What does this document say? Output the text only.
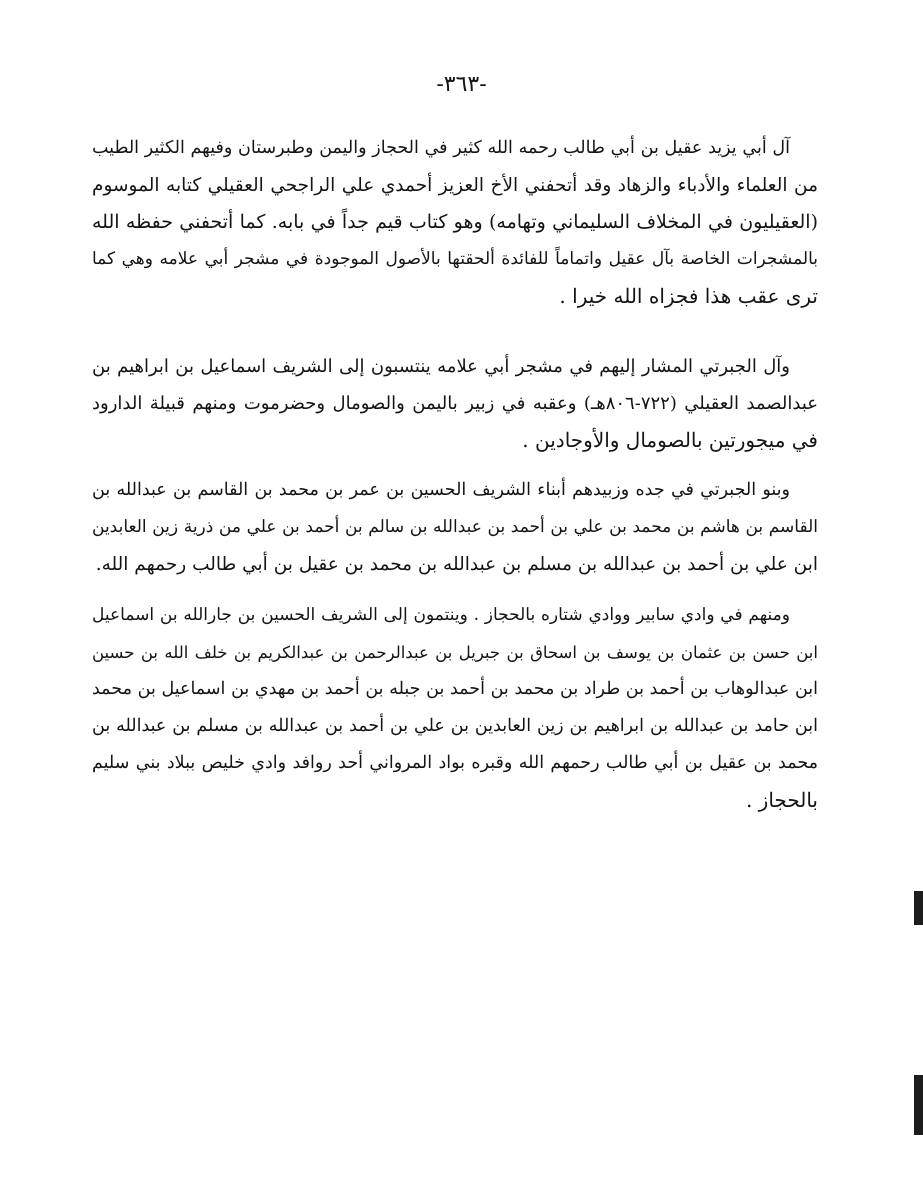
-٣٦٣-
آل أبي يزيد عقيل بن أبي طالب رحمه الله كثير في الحجاز واليمن وطبرستان وفيهم الكثير الطيب
من العلماء والأدباء والزهاد وقد أتحفني الأخ العزيز أحمدي علي الراجحي العقيلي كتابه الموسوم
(العقيليون في المخلاف السليماني وتهامه) وهو كتاب قيم جداً في بابه. كما أتحفني حفظه الله
بالمشجرات الخاصة بآل عقيل واتماماً للفائدة ألحقتها بالأصول الموجودة في مشجر أبي علامه وهي كما
ترى عقب هذا فجزاه الله خيرا .
وآل الجبرتي المشار إليهم في مشجر أبي علامه ينتسبون إلى الشريف اسماعيل بن ابراهيم بن
عبدالصمد العقيلي (٧٢٢-٨٠٦هـ) وعقبه في زبير باليمن والصومال وحضرموت ومنهم قبيلة الدارود
في ميجورتين بالصومال والأوجادين .
وبنو الجبرتي في جده وزبيدهم أبناء الشريف الحسين بن عمر بن محمد بن القاسم بن عبدالله بن
القاسم بن هاشم بن محمد بن علي بن أحمد بن عبدالله بن سالم بن أحمد بن علي من ذرية زين العابدين
ابن علي بن أحمد بن عبدالله بن مسلم بن عبدالله بن محمد بن عقيل بن أبي طالب رحمهم الله.
ومنهم في وادي سابير ووادي شتاره بالحجاز . وينتمون إلى الشريف الحسين بن جارالله بن اسماعيل
ابن حسن بن عثمان بن يوسف بن اسحاق بن جبريل بن عبدالرحمن بن عبدالكريم بن خلف الله بن حسين
ابن عبدالوهاب بن أحمد بن طراد بن محمد بن أحمد بن جبله بن أحمد بن مهدي بن اسماعيل بن محمد
ابن حامد بن عبدالله بن ابراهيم بن زين العابدين بن علي بن أحمد بن عبدالله بن مسلم بن عبدالله بن
محمد بن عقيل بن أبي طالب رحمهم الله وقبره بواد المرواني أحد روافد وادي خليص ببلاد بني سليم
بالحجاز .
